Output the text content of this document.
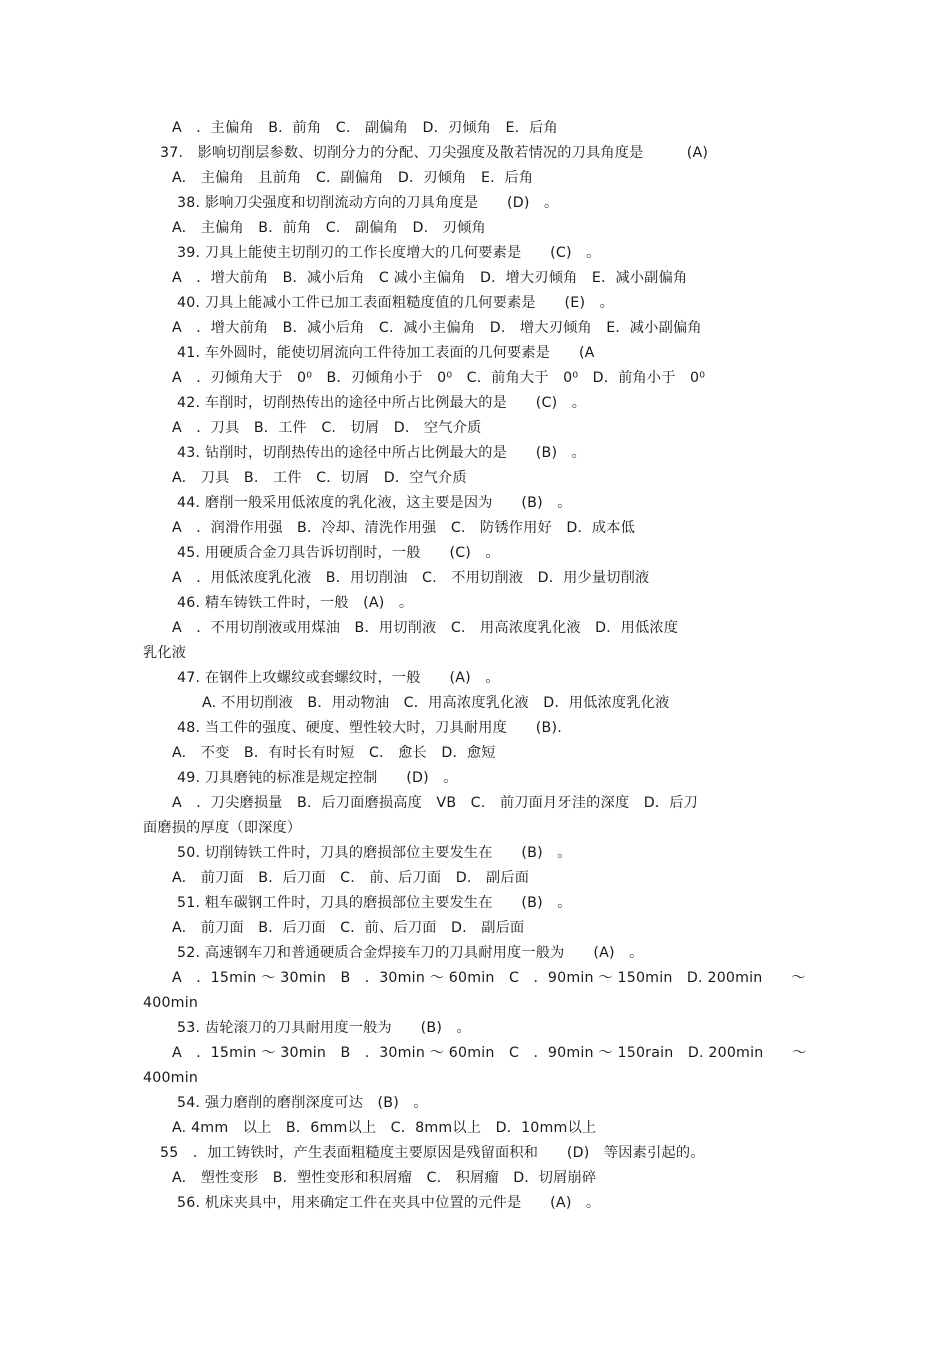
A　．主偏角　B．前角　C.　副偏角　D．刃倾角　E．后角
37.　影响切削层参数、切削分力的分配、刀尖强度及散若情况的刀具角度是　　　(A)
A.　主偏角　且前角　C．副偏角　D．刃倾角　E．后角
38. 影响刀尖强度和切削流动方向的刀具角度是　　(D)　。
A.　主偏角　B．前角　C.　副偏角　D.　刃倾角
39. 刀具上能使主切削刃的工作长度增大的几何要素是　　(C)　。
A　．增大前角　B．减小后角　C 减小主偏角　D．增大刃倾角　E．减小副偏角
40. 刀具上能减小工件已加工表面粗糙度值的几何要素是　　(E)　。
A　．增大前角　B．减小后角　C．减小主偏角　D.　增大刃倾角　E．减小副偏角
41. 车外圆时，能使切屑流向工件待加工表面的几何要素是　　(A
A　．刃倾角大于　0⁰　B．刃倾角小于　0⁰　C．前角大于　0⁰　D．前角小于　0⁰
42. 车削时，切削热传出的途径中所占比例最大的是　　(C)　。
A　．刀具　B．工件　C.　切屑　D.　空气介质
43. 钻削时，切削热传出的途径中所占比例最大的是　　(B)　。
A.　刀具　B.　工件　C．切屑　D．空气介质
44. 磨削一般采用低浓度的乳化液，这主要是因为　　(B)　。
A　．润滑作用强　B．冷却、清洗作用强　C.　防锈作用好　D．成本低
45. 用硬质合金刀具告诉切削时，一般　　(C)　。
A　．用低浓度乳化液　B．用切削油　C.　不用切削液　D．用少量切削液
46. 精车铸铁工件时，一般　(A)　。
A　．不用切削液或用煤油　B．用切削液　C.　用高浓度乳化液　D．用低浓度
乳化液
47. 在钢件上攻螺纹或套螺纹时，一般　　(A)　。
A. 不用切削液　B．用动物油　C．用高浓度乳化液　D．用低浓度乳化液
48. 当工件的强度、硬度、塑性较大时，刀具耐用度　　(B).
A.　不变　B．有时长有时短　C.　愈长　D．愈短
49. 刀具磨钝的标准是规定控制　　(D)　。
A　．刀尖磨损量　B．后刀面磨损高度　VB　C.　前刀面月牙洼的深度　D．后刀
面磨损的厚度（即深度）
50. 切削铸铁工件时，刀具的磨损部位主要发生在　　(B)　。
A.　前刀面　B．后刀面　C.　前、后刀面　D.　副后面
51. 粗车碳钢工件时，刀具的磨损部位主要发生在　　(B)　。
A.　前刀面　B．后刀面　C．前、后刀面　D.　副后面
52. 高速钢车刀和普通硬质合金焊接车刀的刀具耐用度一般为　　(A)　。
A　．15min ～ 30min　B　．30min ～ 60min　C　．90min ～ 150min　D. 200min　　～
400min
53. 齿轮滚刀的刀具耐用度一般为　　(B)　。
A　．15min ～ 30min　B　．30min ～ 60min　C　．90min ～ 150rain　D. 200min　　～
400min
54. 强力磨削的磨削深度可达　(B)　。
A. 4mm　以上　B．6mm以上　C．8mm以上　D．10mm以上
55　．加工铸铁时，产生表面粗糙度主要原因是残留面积和　　(D)　等因素引起的。
A.　塑性变形　B．塑性变形和积屑瘤　C.　积屑瘤　D．切屑崩碎
56. 机床夹具中，用来确定工件在夹具中位置的元件是　　(A)　。
